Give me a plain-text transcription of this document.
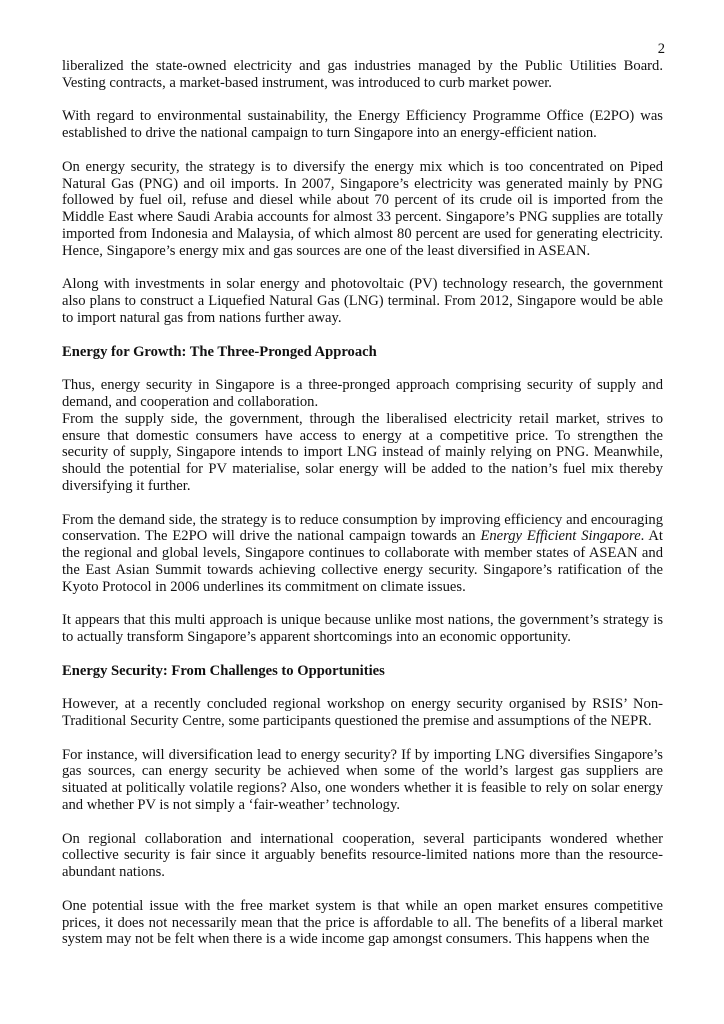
2

liberalized the state-owned electricity and gas industries managed by the Public Utilities Board. Vesting contracts, a market-based instrument, was introduced to curb market power.

With regard to environmental sustainability, the Energy Efficiency Programme Office (E2PO) was established to drive the national campaign to turn Singapore into an energy-efficient nation.

On energy security, the strategy is to diversify the energy mix which is too concentrated on Piped Natural Gas (PNG) and oil imports. In 2007, Singapore’s electricity was generated mainly by PNG followed by fuel oil, refuse and diesel while about 70 percent of its crude oil is imported from the Middle East where Saudi Arabia accounts for almost 33 percent. Singapore’s PNG supplies are totally imported from Indonesia and Malaysia, of which almost 80 percent are used for generating electricity. Hence, Singapore’s energy mix and gas sources are one of the least diversified in ASEAN.

Along with investments in solar energy and photovoltaic (PV) technology research, the government also plans to construct a Liquefied Natural Gas (LNG) terminal. From 2012, Singapore would be able to import natural gas from nations further away.

Energy for Growth: The Three-Pronged Approach

Thus, energy security in Singapore is a three-pronged approach comprising security of supply and demand, and cooperation and collaboration.

From the supply side, the government, through the liberalised electricity retail market, strives to ensure that domestic consumers have access to energy at a competitive price. To strengthen the security of supply, Singapore intends to import LNG instead of mainly relying on PNG. Meanwhile, should the potential for PV materialise, solar energy will be added to the nation’s fuel mix thereby diversifying it further.

From the demand side, the strategy is to reduce consumption by improving efficiency and encouraging conservation. The E2PO will drive the national campaign towards an Energy Efficient Singapore. At the regional and global levels, Singapore continues to collaborate with member states of ASEAN and the East Asian Summit towards achieving collective energy security. Singapore’s ratification of the Kyoto Protocol in 2006 underlines its commitment on climate issues.

It appears that this multi approach is unique because unlike most nations, the government’s strategy is to actually transform Singapore’s apparent shortcomings into an economic opportunity.

Energy Security: From Challenges to Opportunities

However, at a recently concluded regional workshop on energy security organised by RSIS’ Non-Traditional Security Centre, some participants questioned the premise and assumptions of the NEPR.

For instance, will diversification lead to energy security? If by importing LNG diversifies Singapore’s gas sources, can energy security be achieved when some of the world’s largest gas suppliers are situated at politically volatile regions? Also, one wonders whether it is feasible to rely on solar energy and whether PV is not simply a ‘fair-weather’ technology.

On regional collaboration and international cooperation, several participants wondered whether collective security is fair since it arguably benefits resource-limited nations more than the resource-abundant nations.

One potential issue with the free market system is that while an open market ensures competitive prices, it does not necessarily mean that the price is affordable to all. The benefits of a liberal market system may not be felt when there is a wide income gap amongst consumers. This happens when the
